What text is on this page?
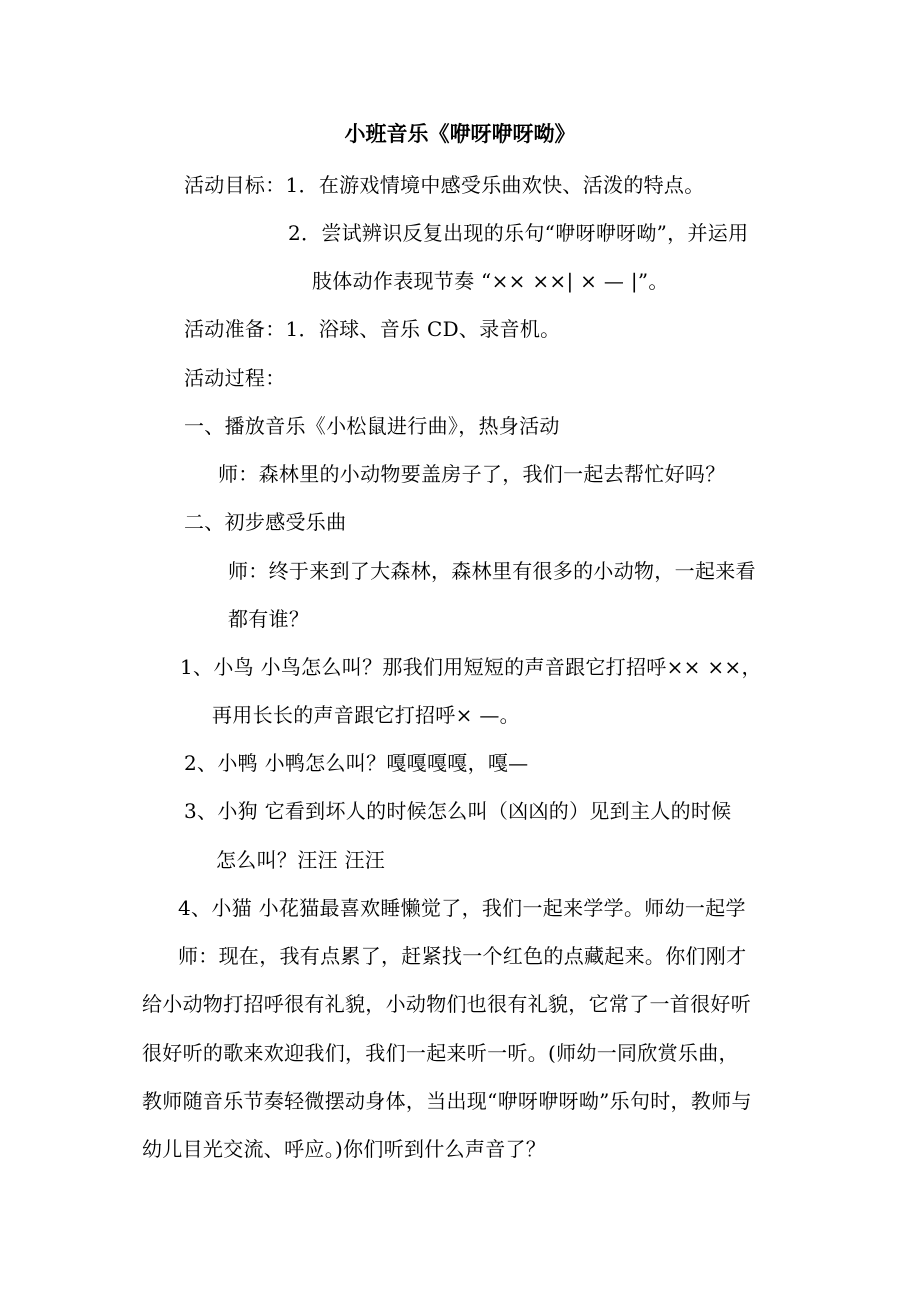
小班音乐《咿呀咿呀呦》
活动目标：1．在游戏情境中感受乐曲欢快、活泼的特点。
2．尝试辨识反复出现的乐句“咿呀咿呀呦”，并运用
肢体动作表现节奏 “×× ××| × — |”。
活动准备：1．浴球、音乐 CD、录音机。
活动过程：
一、播放音乐《小松鼠进行曲》，热身活动
师：森林里的小动物要盖房子了，我们一起去帮忙好吗？
二、初步感受乐曲
师：终于来到了大森林，森林里有很多的小动物，一起来看
都有谁？
1、小鸟 小鸟怎么叫？那我们用短短的声音跟它打招呼×× ××，
再用长长的声音跟它打招呼× —。
2、小鸭 小鸭怎么叫？嘎嘎嘎嘎，嘎—
3、小狗 它看到坏人的时候怎么叫（凶凶的）见到主人的时候
怎么叫？汪汪 汪汪
4、小猫 小花猫最喜欢睡懒觉了，我们一起来学学。师幼一起学
师：现在，我有点累了，赶紧找一个红色的点藏起来。你们刚才
给小动物打招呼很有礼貌，小动物们也很有礼貌，它常了一首很好听
很好听的歌来欢迎我们，我们一起来听一听。(师幼一同欣赏乐曲，
教师随音乐节奏轻微摆动身体，当出现“咿呀咿呀呦”乐句时，教师与
幼儿目光交流、呼应。)你们听到什么声音了？
